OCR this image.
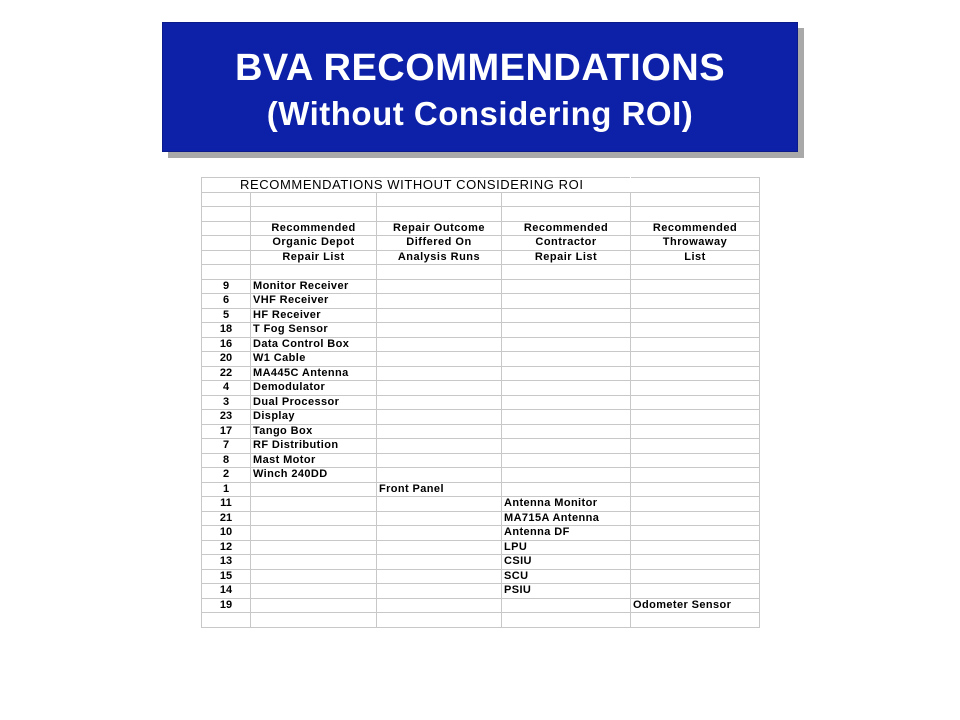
BVA RECOMMENDATIONS
(Without Considering ROI)
RECOMMENDATIONS WITHOUT CONSIDERING ROI				

	Recommended	Repair Outcome	Recommended	Recommended
	Organic Depot	Differed On	Contractor	Throwaway
	Repair List	Analysis Runs	Repair List	List

9	Monitor Receiver			
6	VHF Receiver			
5	HF Receiver			
18	T Fog Sensor			
16	Data Control Box			
20	W1 Cable			
22	MA445C Antenna			
4	Demodulator			
3	Dual Processor			
23	Display			
17	Tango Box			
7	RF Distribution			
8	Mast Motor			
2	Winch 240DD			
1		Front Panel		
11			Antenna Monitor	
21			MA715A Antenna	
10			Antenna DF	
12			LPU	
13			CSIU	
15			SCU	
14			PSIU	
19				Odometer Sensor
